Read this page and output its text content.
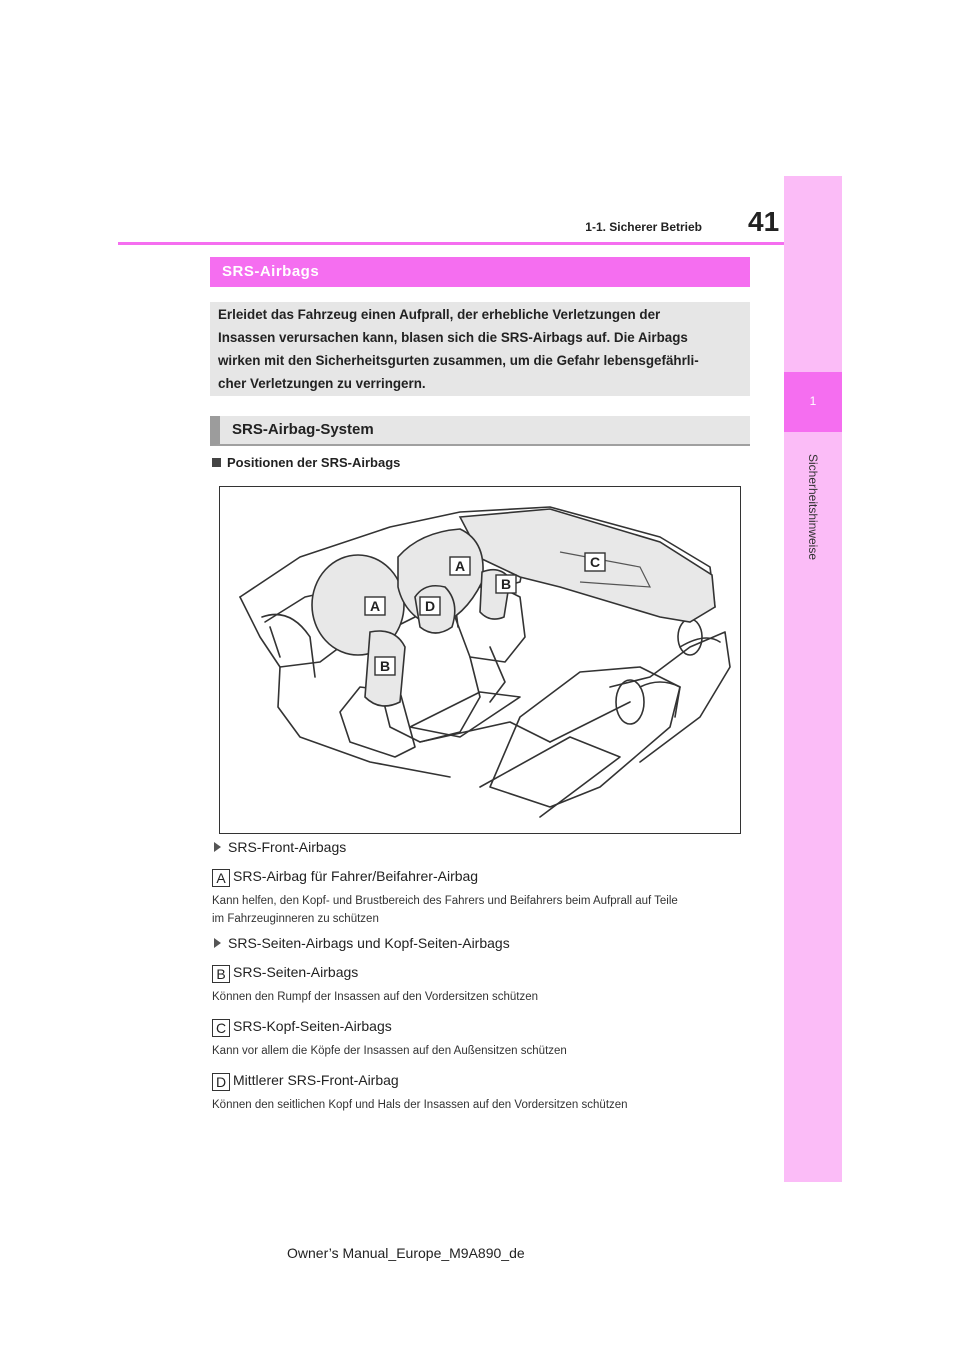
1
Sicherheitshinweise
1-1. Sicherer Betrieb 41
SRS-Airbags
Erleidet das Fahrzeug einen Aufprall, der erhebliche Verletzungen der
Insassen verursachen kann, blasen sich die SRS-Airbags auf. Die Airbags
wirken mit den Sicherheitsgurten zusammen, um die Gefahr lebensgefährli-
cher Verletzungen zu verringern.
SRS-Airbag-System
Positionen der SRS-Airbags
A
A
D
B
B
C
SRS-Front-Airbags
A SRS-Airbag für Fahrer/Beifahrer-Airbag
Kann helfen, den Kopf- und Brustbereich des Fahrers und Beifahrers beim Aufprall auf Teile
im Fahrzeuginneren zu schützen
SRS-Seiten-Airbags und Kopf-Seiten-Airbags
B SRS-Seiten-Airbags
Können den Rumpf der Insassen auf den Vordersitzen schützen
C SRS-Kopf-Seiten-Airbags
Kann vor allem die Köpfe der Insassen auf den Außensitzen schützen
D Mittlerer SRS-Front-Airbag
Können den seitlichen Kopf und Hals der Insassen auf den Vordersitzen schützen
Owner’s Manual_Europe_M9A890_de
